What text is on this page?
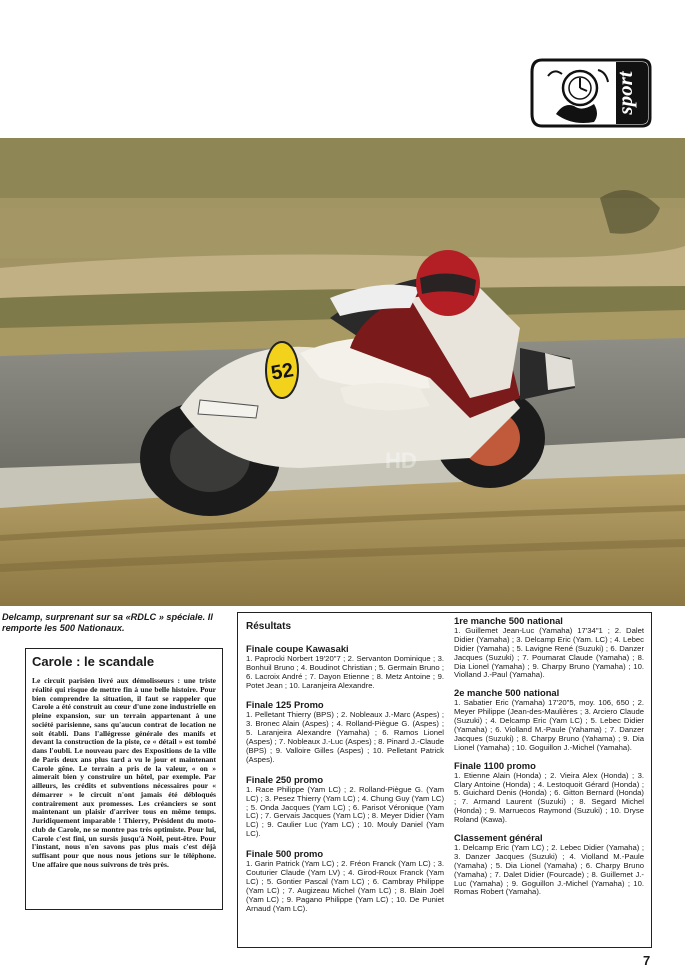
sport
52
HD
Delcamp, surprenant sur sa «RDLC » spéciale. Il remporte les 500 Nationaux.
Carole : le scandale

Le circuit parisien livré aux démolisseurs : une triste réalité qui risque de mettre fin à une belle histoire. Pour bien comprendre la situation, il faut se rappeler que Carole a été construit au cœur d'une zone industrielle en pleine expansion, sur un terrain appartenant à une société parisienne, sans qu'aucun contrat de location ne soit établi. Dans l'allégresse générale des manifs et devant la construction de la piste, ce « détail » est tombé dans l'oubli. Le nouveau parc des Expositions de la ville de Paris deux ans plus tard a vu le jour et maintenant Carole gêne. Le terrain a pris de la valeur, « on » aimerait bien y construire un hôtel, par exemple. Par ailleurs, les crédits et subventions nécessaires pour « démarrer » le circuit n'ont jamais été débloqués contrairement aux promesses. Les créanciers se sont maintenant un plaisir d'arriver tous en même temps. Juridiquement imparable ! Thierry, Président du moto-club de Carole, ne se montre pas très optimiste. Pour lui, Carole c'est fini, un sursis jusqu'à Noël, peut-être. Pour l'instant, nous n'en savons pas plus mais c'est déjà suffisant pour que nous nous jetions sur le téléphone. Une affaire que nous suivrons de très près.

Résultats
Finale coupe Kawasaki
1. Paprocki Norbert 19'20"7 ; 2. Servanton Dominique ; 3. Bonhuil Bruno ; 4. Boudinot Christian ; 5. Germain Bruno ; 6. Lacroix André ; 7. Dayon Etienne ; 8. Metz Antoine ; 9. Potet Jean ; 10. Laranjeira Alexandre.
Finale 125 Promo
1. Pelletant Thierry (BPS) ; 2. Nobleaux J.-Marc (Aspes) ; 3. Bronec Alain (Aspes) ; 4. Rolland-Piègue G. (Aspes) ; 5. Laranjeira Alexandre (Yamaha) ; 6. Ramos Lionel (Aspes) ; 7. Nobleaux J.-Luc (Aspes) ; 8. Pinard J.-Claude (BPS) ; 9. Valloire Gilles (Aspes) ; 10. Pelletant Patrick (Aspes).
Finale 250 promo
1. Race Philippe (Yam LC) ; 2. Rolland-Piègue G. (Yam LC) ; 3. Pesez Thierry (Yam LC) ; 4. Chung Guy (Yam LC) ; 5. Onda Jacques (Yam LC) ; 6. Parisot Véronique (Yam LC) ; 7. Gervais Jacques (Yam LC) ; 8. Meyer Didier (Yam LC) ; 9. Caulier Luc (Yam LC) ; 10. Mouly Daniel (Yam LC).
Finale 500 promo
1. Garin Patrick (Yam LC) ; 2. Fréon Franck (Yam LC) ; 3. Couturier Claude (Yam LV) ; 4. Girod-Roux Franck (Yam LC) ; 5. Gontier Pascal (Yam LC) ; 6. Cambray Philippe (Yam LC) ; 7. Augizeau Michel (Yam LC) ; 8. Blain Joël (Yam LC) ; 9. Pagano Philippe (Yam LC) ; 10. De Puniet Arnaud (Yam LC).
1re manche 500 national
1. Guillemet Jean-Luc (Yamaha) 17'34"1 ; 2. Dalet Didier (Yamaha) ; 3. Delcamp Eric (Yam. LC) ; 4. Lebec Didier (Yamaha) ; 5. Lavigne René (Suzuki) ; 6. Danzer Jacques (Suzuki) ; 7. Poumarat Claude (Yamaha) ; 8. Dia Lionel (Yamaha) ; 9. Charpy Bruno (Yamaha) ; 10. Violland J.-Paul (Yamaha).
2e manche 500 national
1. Sabatier Eric (Yamaha) 17'20"5, moy. 106, 650 ; 2. Meyer Philippe (Jean-des-Maulières ; 3. Arciero Claude (Suzuki) ; 4. Delcamp Eric (Yam LC) ; 5. Lebec Didier (Yamaha) ; 6. Violland M.-Paule (Yahama) ; 7. Danzer Jacques (Suzuki) ; 8. Charpy Bruno (Yahama) ; 9. Dia Lionel (Yamaha) ; 10. Goguillon J.-Michel (Yamaha).
Finale 1100 promo
1. Etienne Alain (Honda) ; 2. Vieira Alex (Honda) ; 3. Clary Antoine (Honda) ; 4. Lestoquoit Gérard (Honda) ; 5. Guichard Denis (Honda) ; 6. Gitton Bernard (Honda) ; 7. Armand Laurent (Suzuki) ; 8. Segard Michel (Honda) ; 9. Marruecos Raymond (Suzuki) ; 10. Dryse Roland (Kawa).
Classement général
1. Delcamp Eric (Yam LC) ; 2. Lebec Didier (Yamaha) ; 3. Danzer Jacques (Suzuki) ; 4. Violland M.-Paule (Yamaha) ; 5. Dia Lionel (Yamaha) ; 6. Charpy Bruno (Yamaha) ; 7. Dalet Didier (Fourcade) ; 8. Guillemet J.-Luc (Yamaha) ; 9. Goguillon J.-Michel (Yamaha) ; 10. Romas Robert (Yamaha).
7
